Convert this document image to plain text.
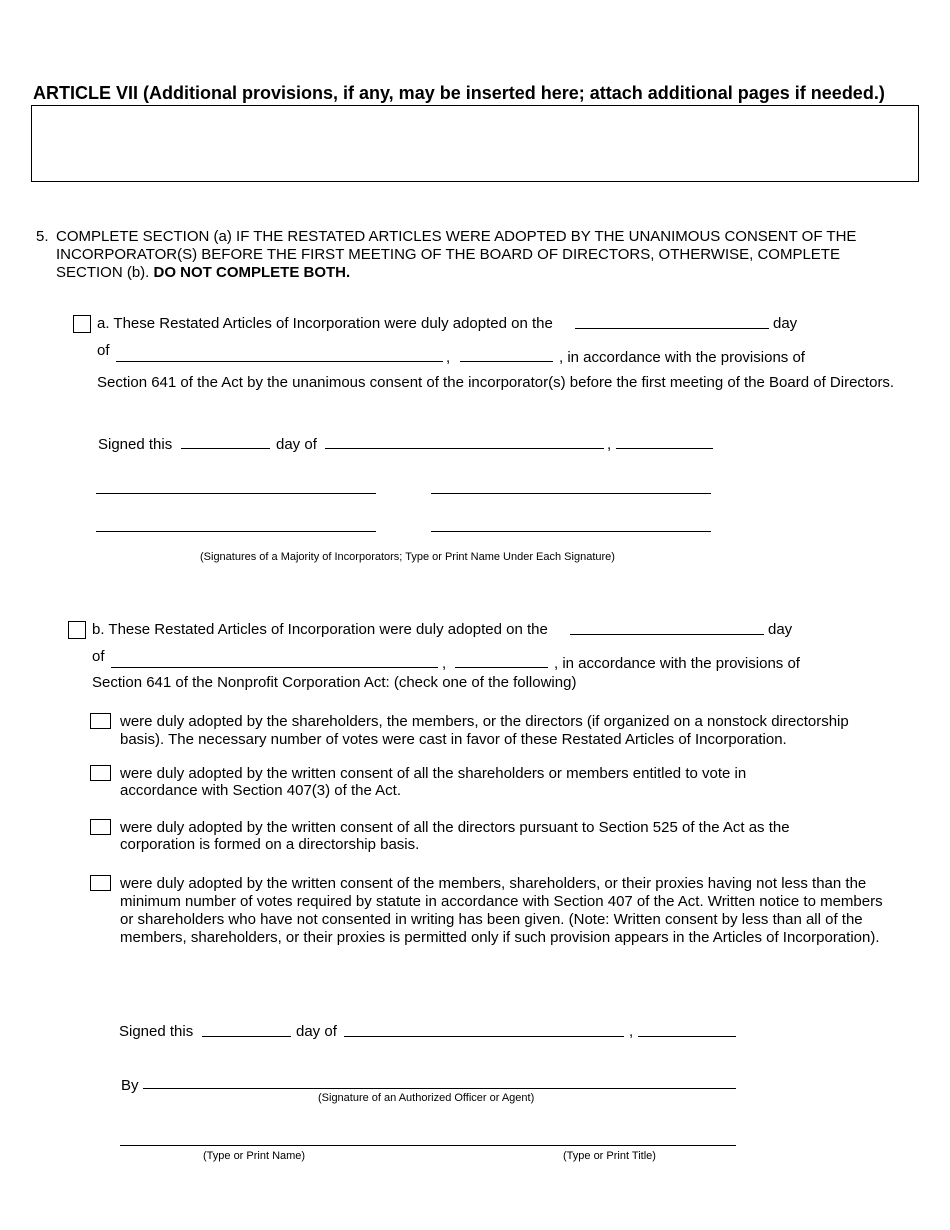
ARTICLE VII (Additional provisions, if any, may be inserted here; attach additional pages if needed.)
5. COMPLETE SECTION (a) IF THE RESTATED ARTICLES WERE ADOPTED BY THE UNANIMOUS CONSENT OF THE
INCORPORATOR(S) BEFORE THE FIRST MEETING OF THE BOARD OF DIRECTORS, OTHERWISE, COMPLETE
SECTION (b). DO NOT COMPLETE BOTH.
a. These Restated Articles of Incorporation were duly adopted on the	day
of	,	, in accordance with the provisions of
Section 641 of the Act by the unanimous consent of the incorporator(s) before the first meeting of the Board of Directors.
Signed this	day of	,
(Signatures of a Majority of Incorporators; Type or Print Name Under Each Signature)
b. These Restated Articles of Incorporation were duly adopted on the	day
of	,	, in accordance with the provisions of
Section 641 of the Nonprofit Corporation Act: (check one of the following)
were duly adopted by the shareholders, the members, or the directors (if organized on a nonstock directorship
basis). The necessary number of votes were cast in favor of these Restated Articles of Incorporation.
were duly adopted by the written consent of all the shareholders or members entitled to vote in
accordance with Section 407(3) of the Act.
were duly adopted by the written consent of all the directors pursuant to Section 525 of the Act as the
corporation is formed on a directorship basis.
were duly adopted by the written consent of the members, shareholders, or their proxies having not less than the
minimum number of votes required by statute in accordance with Section 407 of the Act. Written notice to members
or shareholders who have not consented in writing has been given. (Note: Written consent by less than all of the
members, shareholders, or their proxies is permitted only if such provision appears in the Articles of Incorporation).
Signed this	day of	,
By
(Signature of an Authorized Officer or Agent)
(Type or Print Name)	(Type or Print Title)
